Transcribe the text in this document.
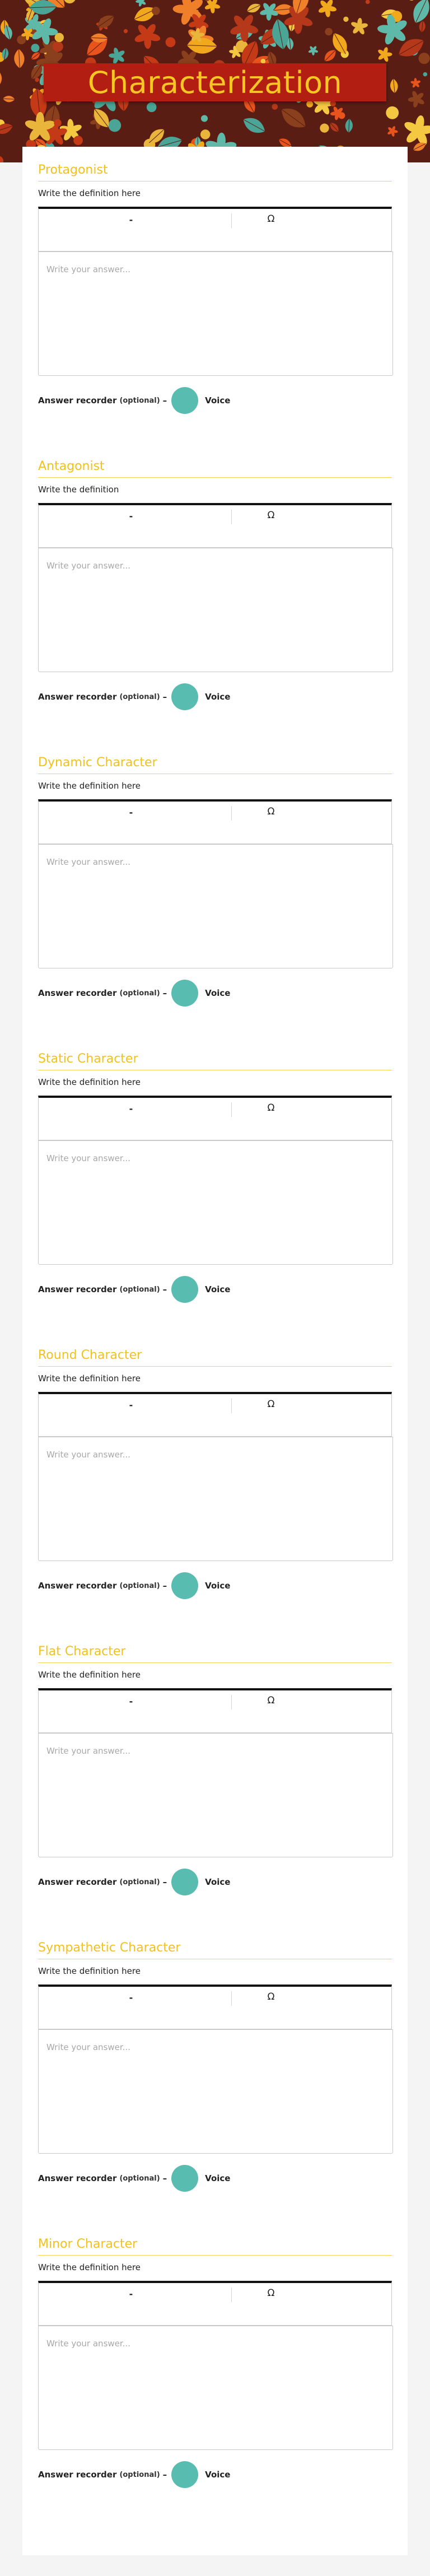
Characterization
Protagonist
Write the definition here
-	Ω
Write your answer...
Answer recorder
(optional) –	Voice
Antagonist
Write the definition
-	Ω
Write your answer...
Answer recorder
(optional) –	Voice
Dynamic Character
Write the definition here
-	Ω
Write your answer...
Answer recorder
(optional) –	Voice
Static Character
Write the definition here
-	Ω
Write your answer...
Answer recorder
(optional) –	Voice
Round Character
Write the definition here
-	Ω
Write your answer...
Answer recorder
(optional) –	Voice
Flat Character
Write the definition here
-	Ω
Write your answer...
Answer recorder
(optional) –	Voice
Sympathetic Character
Write the definition here
-	Ω
Write your answer...
Answer recorder
(optional) –	Voice
Minor Character
Write the definition here
-	Ω
Write your answer...
Answer recorder
(optional) –	Voice
